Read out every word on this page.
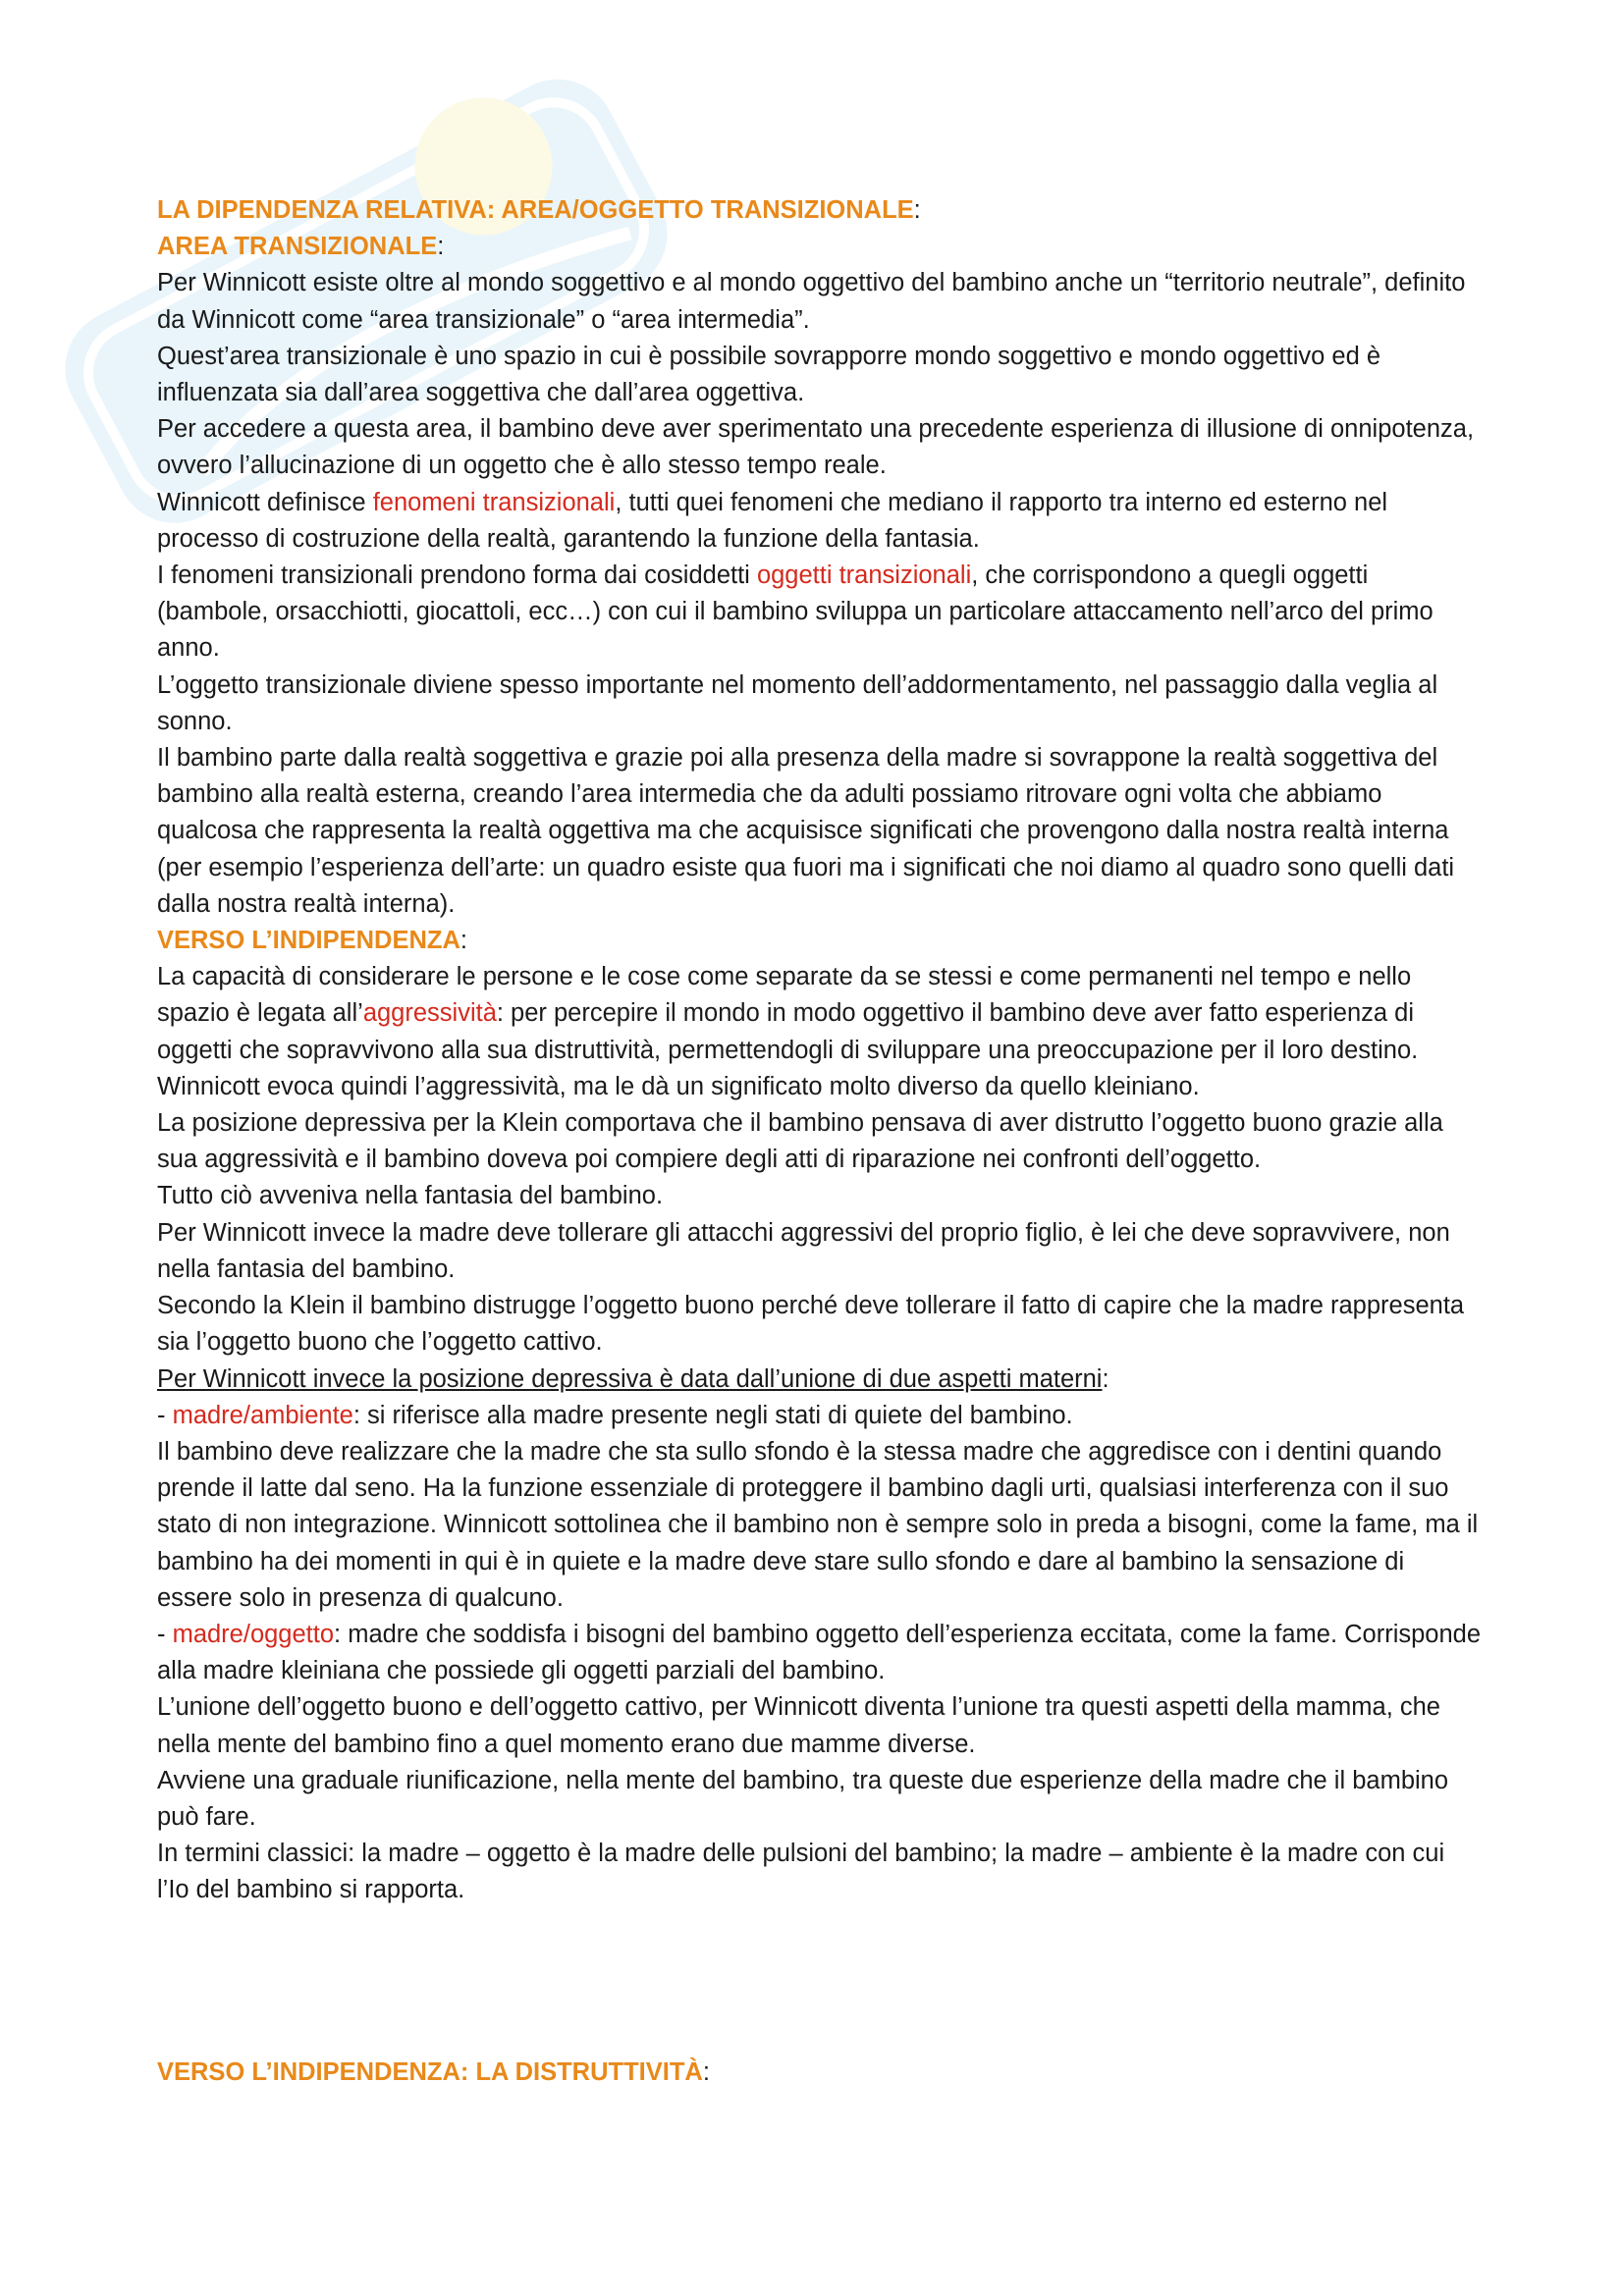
LA DIPENDENZA RELATIVA: AREA/OGGETTO TRANSIZIONALE:

AREA TRANSIZIONALE:

Per Winnicott esiste oltre al mondo soggettivo e al mondo oggettivo del bambino anche un “territorio neutrale”, definito da Winnicott come “area transizionale” o “area intermedia”.

Quest’area transizionale è uno spazio in cui è possibile sovrapporre mondo soggettivo e mondo oggettivo ed è influenzata sia dall’area soggettiva che dall’area oggettiva.

Per accedere a questa area, il bambino deve aver sperimentato una precedente esperienza di illusione di onnipotenza, ovvero l’allucinazione di un oggetto che è allo stesso tempo reale.

Winnicott definisce fenomeni transizionali, tutti quei fenomeni che mediano il rapporto tra interno ed esterno nel processo di costruzione della realtà, garantendo la funzione della fantasia.

I fenomeni transizionali prendono forma dai cosiddetti oggetti transizionali, che corrispondono a quegli oggetti (bambole, orsacchiotti, giocattoli, ecc…) con cui il bambino sviluppa un particolare attaccamento nell’arco del primo anno.

L’oggetto transizionale diviene spesso importante nel momento dell’addormentamento, nel passaggio dalla veglia al sonno.

Il bambino parte dalla realtà soggettiva e grazie poi alla presenza della madre si sovrappone la realtà soggettiva del bambino alla realtà esterna, creando l’area intermedia che da adulti possiamo ritrovare ogni volta che abbiamo qualcosa che rappresenta la realtà oggettiva ma che acquisisce significati che provengono dalla nostra realtà interna (per esempio l’esperienza dell’arte: un quadro esiste qua fuori ma i significati che noi diamo al quadro sono quelli dati dalla nostra realtà interna).

VERSO L’INDIPENDENZA:

La capacità di considerare le persone e le cose come separate da se stessi e come permanenti nel tempo e nello spazio è legata all’aggressività: per percepire il mondo in modo oggettivo il bambino deve aver fatto esperienza di oggetti che sopravvivono alla sua distruttività, permettendogli di sviluppare una preoccupazione per il loro destino.

Winnicott evoca quindi l’aggressività, ma le dà un significato molto diverso da quello kleiniano.

La posizione depressiva per la Klein comportava che il bambino pensava di aver distrutto l’oggetto buono grazie alla sua aggressività e il bambino doveva poi compiere degli atti di riparazione nei confronti dell’oggetto.

Tutto ciò avveniva nella fantasia del bambino.

Per Winnicott invece la madre deve tollerare gli attacchi aggressivi del proprio figlio, è lei che deve sopravvivere, non nella fantasia del bambino.

Secondo la Klein il bambino distrugge l’oggetto buono perché deve tollerare il fatto di capire che la madre rappresenta sia l’oggetto buono che l’oggetto cattivo.

Per Winnicott invece la posizione depressiva è data dall’unione di due aspetti materni:

- madre/ambiente: si riferisce alla madre presente negli stati di quiete del bambino.

Il bambino deve realizzare che la madre che sta sullo sfondo è la stessa madre che aggredisce con i dentini quando prende il latte dal seno. Ha la funzione essenziale di proteggere il bambino dagli urti, qualsiasi interferenza con il suo stato di non integrazione. Winnicott sottolinea che il bambino non è sempre solo in preda a bisogni, come la fame, ma il bambino ha dei momenti in qui è in quiete e la madre deve stare sullo sfondo e dare al bambino la sensazione di essere solo in presenza di qualcuno.

- madre/oggetto: madre che soddisfa i bisogni del bambino oggetto dell’esperienza eccitata, come la fame. Corrisponde alla madre kleiniana che possiede gli oggetti parziali del bambino.

L’unione dell’oggetto buono e dell’oggetto cattivo, per Winnicott diventa l’unione tra questi aspetti della mamma, che nella mente del bambino fino a quel momento erano due mamme diverse.

Avviene una graduale riunificazione, nella mente del bambino, tra queste due esperienze della madre che il bambino può fare.

In termini classici: la madre – oggetto è la madre delle pulsioni del bambino; la madre – ambiente è la madre con cui l’Io del bambino si rapporta.

VERSO L’INDIPENDENZA: LA DISTRUTTIVITÀ:
